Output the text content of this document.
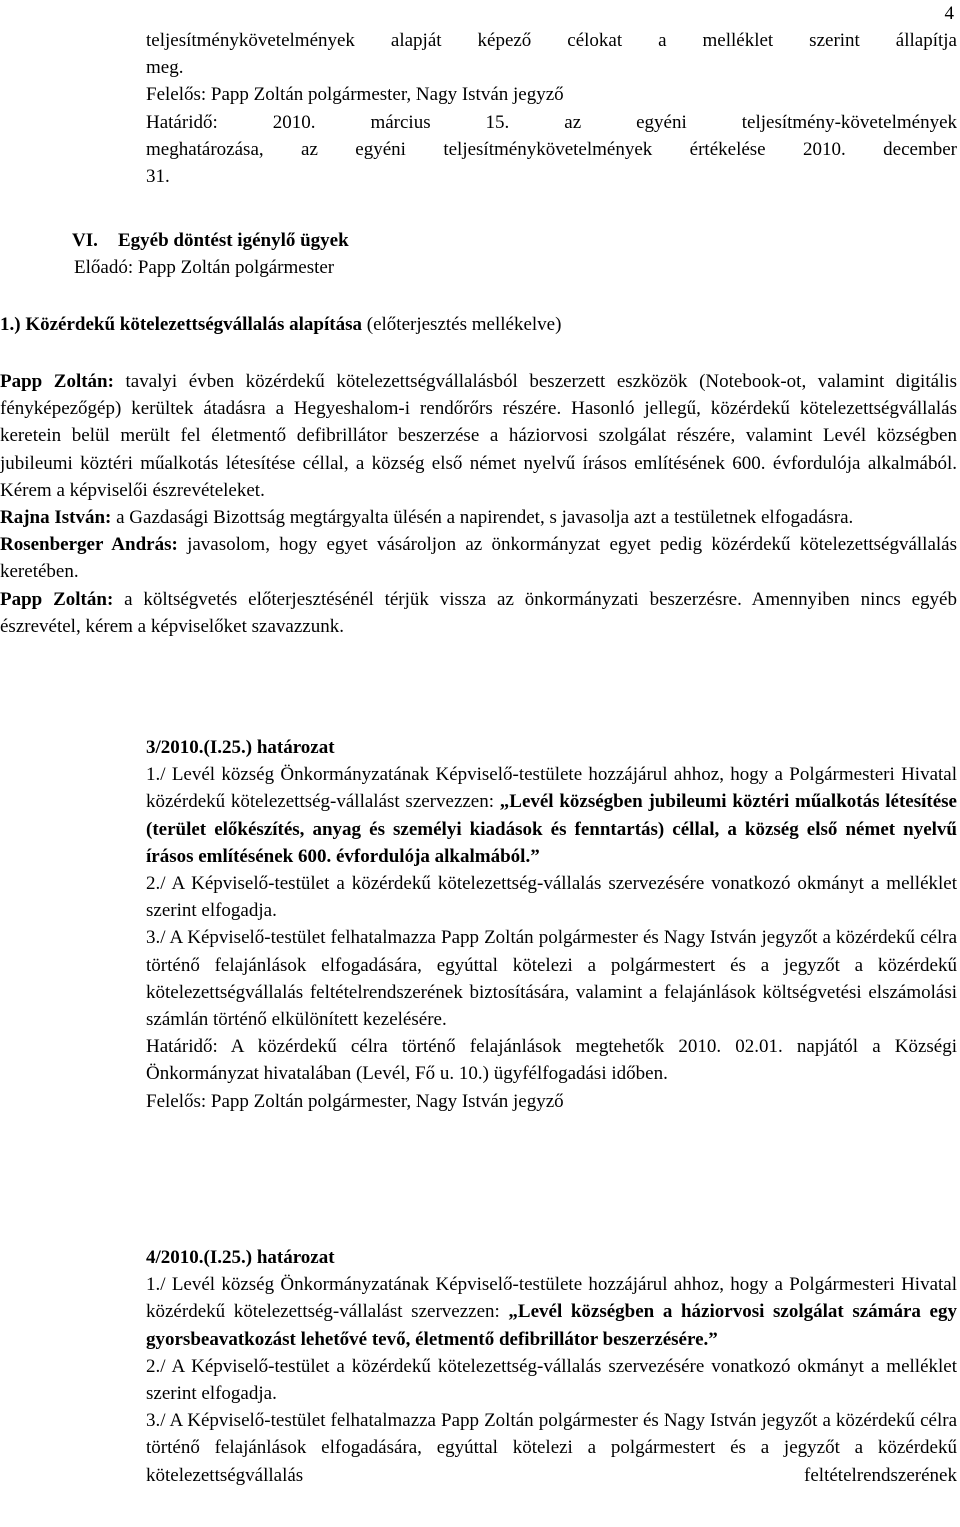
4

teljesítménykövetelmények alapját képező célokat a melléklet szerint állapítja

meg.

Felelős: Papp Zoltán polgármester, Nagy István jegyző

Határidő: 2010. március 15. az egyéni teljesítmény-követelmények

meghatározása, az egyéni teljesítménykövetelmények értékelése 2010. december

31.

VI. Egyéb döntést igénylő ügyek
Előadó: Papp Zoltán polgármester

1.) Közérdekű kötelezettségvállalás alapítása (előterjesztés mellékelve)

Papp Zoltán: tavalyi évben közérdekű kötelezettségvállalásból beszerzett eszközök (Notebook-ot, valamint digitális fényképezőgép) kerültek átadásra a Hegyeshalom-i rendőrőrs részére. Hasonló jellegű, közérdekű kötelezettségvállalás keretein belül merült fel életmentő defibrillátor beszerzése a háziorvosi szolgálat részére, valamint Levél községben jubileumi köztéri műalkotás létesítése céllal, a község első német nyelvű írásos említésének 600. évfordulója alkalmából. Kérem a képviselői észrevételeket.

Rajna István: a Gazdasági Bizottság megtárgyalta ülésén a napirendet, s javasolja azt a testületnek elfogadásra.

Rosenberger András: javasolom, hogy egyet vásároljon az önkormányzat egyet pedig közérdekű kötelezettségvállalás keretében.

Papp Zoltán: a költségvetés előterjesztésénél térjük vissza az önkormányzati beszerzésre. Amennyiben nincs egyéb észrevétel, kérem a képviselőket szavazzunk.

3/2010.(I.25.) határozat

1./ Levél község Önkormányzatának Képviselő-testülete hozzájárul ahhoz, hogy a Polgármesteri Hivatal közérdekű kötelezettség-vállalást szervezzen: „Levél községben jubileumi köztéri műalkotás létesítése (terület előkészítés, anyag és személyi kiadások és fenntartás) céllal, a község első német nyelvű írásos említésének 600. évfordulója alkalmából.”

2./ A Képviselő-testület a közérdekű kötelezettség-vállalás szervezésére vonatkozó okmányt a melléklet szerint elfogadja.

3./ A Képviselő-testület felhatalmazza Papp Zoltán polgármester és Nagy István jegyzőt a közérdekű célra történő felajánlások elfogadására, egyúttal kötelezi a polgármestert és a jegyzőt a közérdekű kötelezettségvállalás feltételrendszerének biztosítására, valamint a felajánlások költségvetési elszámolási számlán történő elkülönített kezelésére.

Határidő: A közérdekű célra történő felajánlások megtehetők 2010. 02.01. napjától a Községi Önkormányzat hivatalában (Levél, Fő u. 10.) ügyfélfogadási időben.

Felelős: Papp Zoltán polgármester, Nagy István jegyző

4/2010.(I.25.) határozat

1./ Levél község Önkormányzatának Képviselő-testülete hozzájárul ahhoz, hogy a Polgármesteri Hivatal közérdekű kötelezettség-vállalást szervezzen: „Levél községben a háziorvosi szolgálat számára egy gyorsbeavatkozást lehetővé tevő, életmentő defibrillátor beszerzésére.”

2./ A Képviselő-testület a közérdekű kötelezettség-vállalás szervezésére vonatkozó okmányt a melléklet szerint elfogadja.

3./ A Képviselő-testület felhatalmazza Papp Zoltán polgármester és Nagy István jegyzőt a közérdekű célra történő felajánlások elfogadására, egyúttal kötelezi a polgármestert és a jegyzőt a közérdekű kötelezettségvállalás feltételrendszerének
